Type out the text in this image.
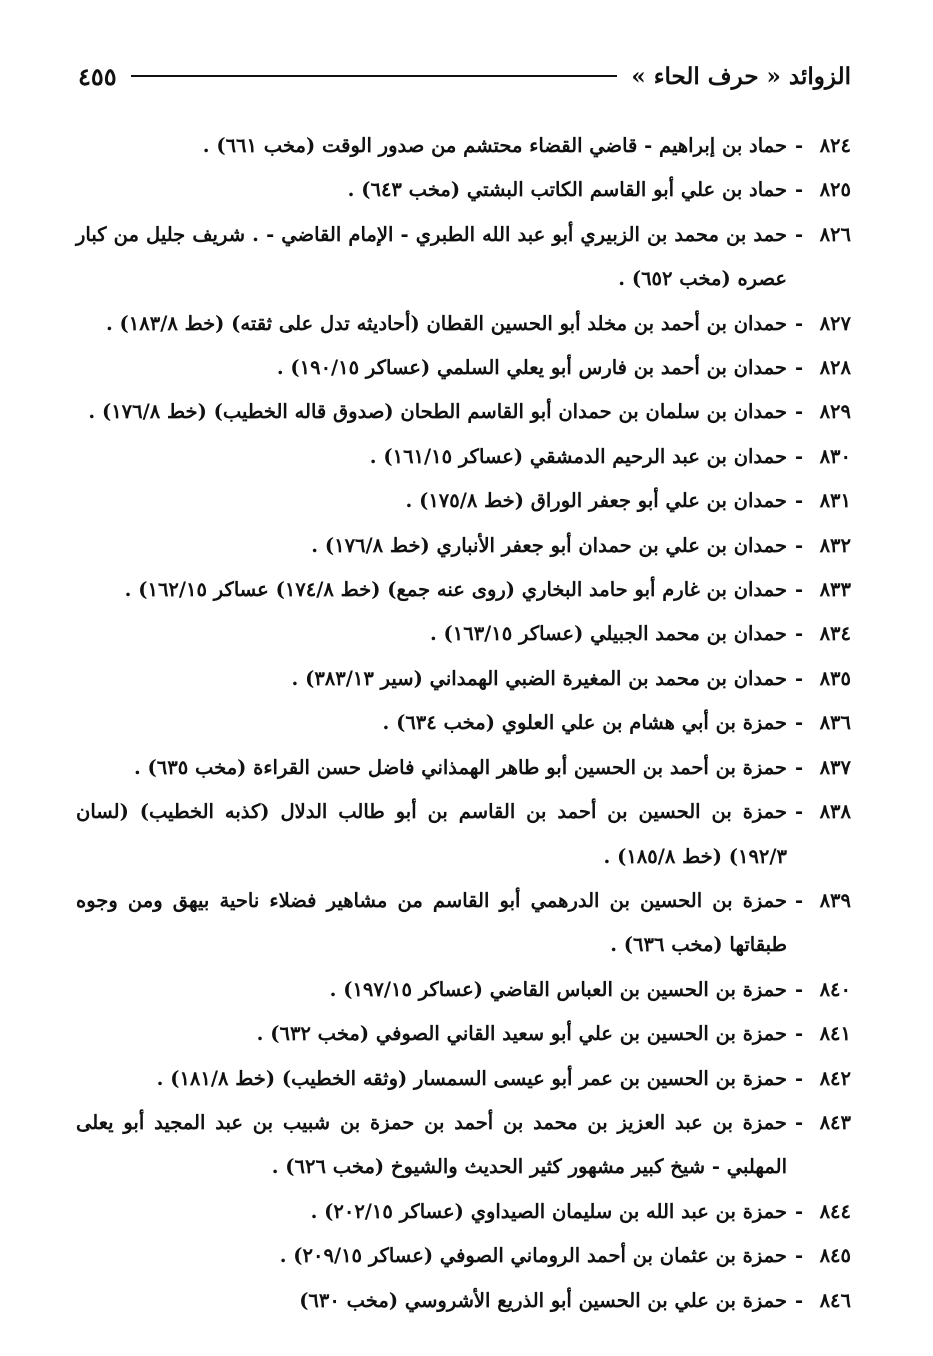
الزوائد « حرف الحاء »
٤٥٥
٨٢٤
-
حماد بن إبراهيم - قاضي القضاء محتشم من صدور الوقت (مخب ٦٦١) .
٨٢٥
-
حماد بن علي أبو القاسم الكاتب البشتي (مخب ٦٤٣) .
٨٢٦
-
حمد بن محمد بن الزبيري أبو عبد الله الطبري - الإمام القاضي - . شريف جليل من كبار عصره (مخب ٦٥٢) .
٨٢٧
-
حمدان بن أحمد بن مخلد أبو الحسين القطان (أحاديثه تدل على ثقته) (خط ١٨٣/٨) .
٨٢٨
-
حمدان بن أحمد بن فارس أبو يعلي السلمي (عساكر ١٩٠/١٥) .
٨٢٩
-
حمدان بن سلمان بن حمدان أبو القاسم الطحان (صدوق قاله الخطيب) (خط ١٧٦/٨) .
٨٣٠
-
حمدان بن عبد الرحيم الدمشقي (عساكر ١٦١/١٥) .
٨٣١
-
حمدان بن علي أبو جعفر الوراق (خط ١٧٥/٨) .
٨٣٢
-
حمدان بن علي بن حمدان أبو جعفر الأنباري (خط ١٧٦/٨) .
٨٣٣
-
حمدان بن غارم أبو حامد البخاري (روى عنه جمع) (خط ١٧٤/٨) عساكر ١٦٢/١٥) .
٨٣٤
-
حمدان بن محمد الجبيلي (عساكر ١٦٣/١٥) .
٨٣٥
-
حمدان بن محمد بن المغيرة الضبي الهمداني (سير ٣٨٣/١٣) .
٨٣٦
-
حمزة بن أبي هشام بن علي العلوي (مخب ٦٣٤) .
٨٣٧
-
حمزة بن أحمد بن الحسين أبو طاهر الهمذاني فاضل حسن القراءة (مخب ٦٣٥) .
٨٣٨
-
حمزة بن الحسين بن أحمد بن القاسم بن أبو طالب الدلال (كذبه الخطيب) (لسان ١٩٢/٣) (خط ١٨٥/٨) .
٨٣٩
-
حمزة بن الحسين بن الدرهمي أبو القاسم من مشاهير فضلاء ناحية بيهق ومن وجوه طبقاتها (مخب ٦٣٦) .
٨٤٠
-
حمزة بن الحسين بن العباس القاضي (عساكر ١٩٧/١٥) .
٨٤١
-
حمزة بن الحسين بن علي أبو سعيد القاني الصوفي (مخب ٦٣٢) .
٨٤٢
-
حمزة بن الحسين بن عمر أبو عيسى السمسار (وثقه الخطيب) (خط ١٨١/٨) .
٨٤٣
-
حمزة بن عبد العزيز بن محمد بن أحمد بن حمزة بن شبيب بن عبد المجيد أبو يعلى المهلبي - شيخ كبير مشهور كثير الحديث والشيوخ (مخب ٦٢٦) .
٨٤٤
-
حمزة بن عبد الله بن سليمان الصيداوي (عساكر ٢٠٢/١٥) .
٨٤٥
-
حمزة بن عثمان بن أحمد الروماني الصوفي (عساكر ٢٠٩/١٥) .
٨٤٦
-
حمزة بن علي بن الحسين أبو الذريع الأشروسي (مخب ٦٣٠)
